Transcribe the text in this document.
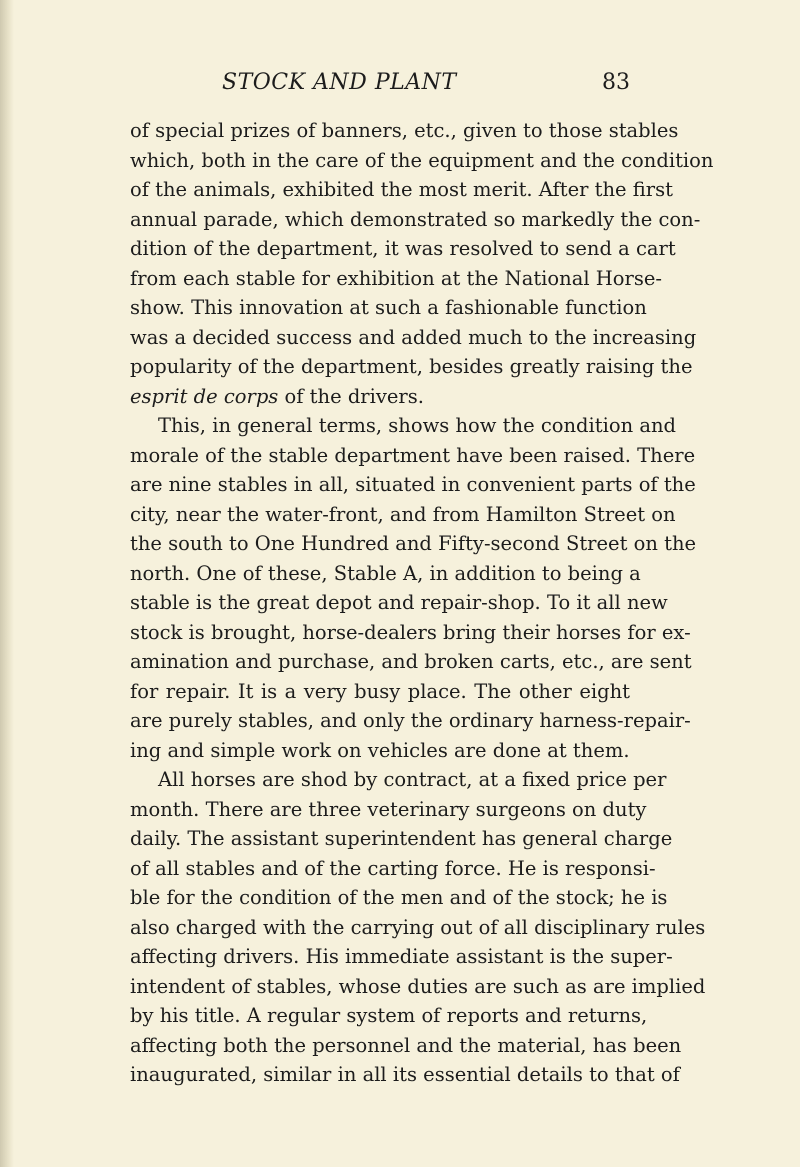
STOCK AND PLANT	83
of special prizes of banners, etc., given to those stables
which, both in the care of the equipment and the condition
of the animals, exhibited the most merit. After the first
annual parade, which demonstrated so markedly the con-
dition of the department, it was resolved to send a cart
from each stable for exhibition at the National Horse-
show. This innovation at such a fashionable function
was a decided success and added much to the increasing
popularity of the department, besides greatly raising the
esprit de corps of the drivers.
This, in general terms, shows how the condition and
morale of the stable department have been raised. There
are nine stables in all, situated in convenient parts of the
city, near the water-front, and from Hamilton Street on
the south to One Hundred and Fifty-second Street on the
north. One of these, Stable A, in addition to being a
stable is the great depot and repair-shop. To it all new
stock is brought, horse-dealers bring their horses for ex-
amination and purchase, and broken carts, etc., are sent
for repair. It is a very busy place. The other eight
are purely stables, and only the ordinary harness-repair-
ing and simple work on vehicles are done at them.
All horses are shod by contract, at a fixed price per
month. There are three veterinary surgeons on duty
daily. The assistant superintendent has general charge
of all stables and of the carting force. He is responsi-
ble for the condition of the men and of the stock; he is
also charged with the carrying out of all disciplinary rules
affecting drivers. His immediate assistant is the super-
intendent of stables, whose duties are such as are implied
by his title. A regular system of reports and returns,
affecting both the personnel and the material, has been
inaugurated, similar in all its essential details to that of
